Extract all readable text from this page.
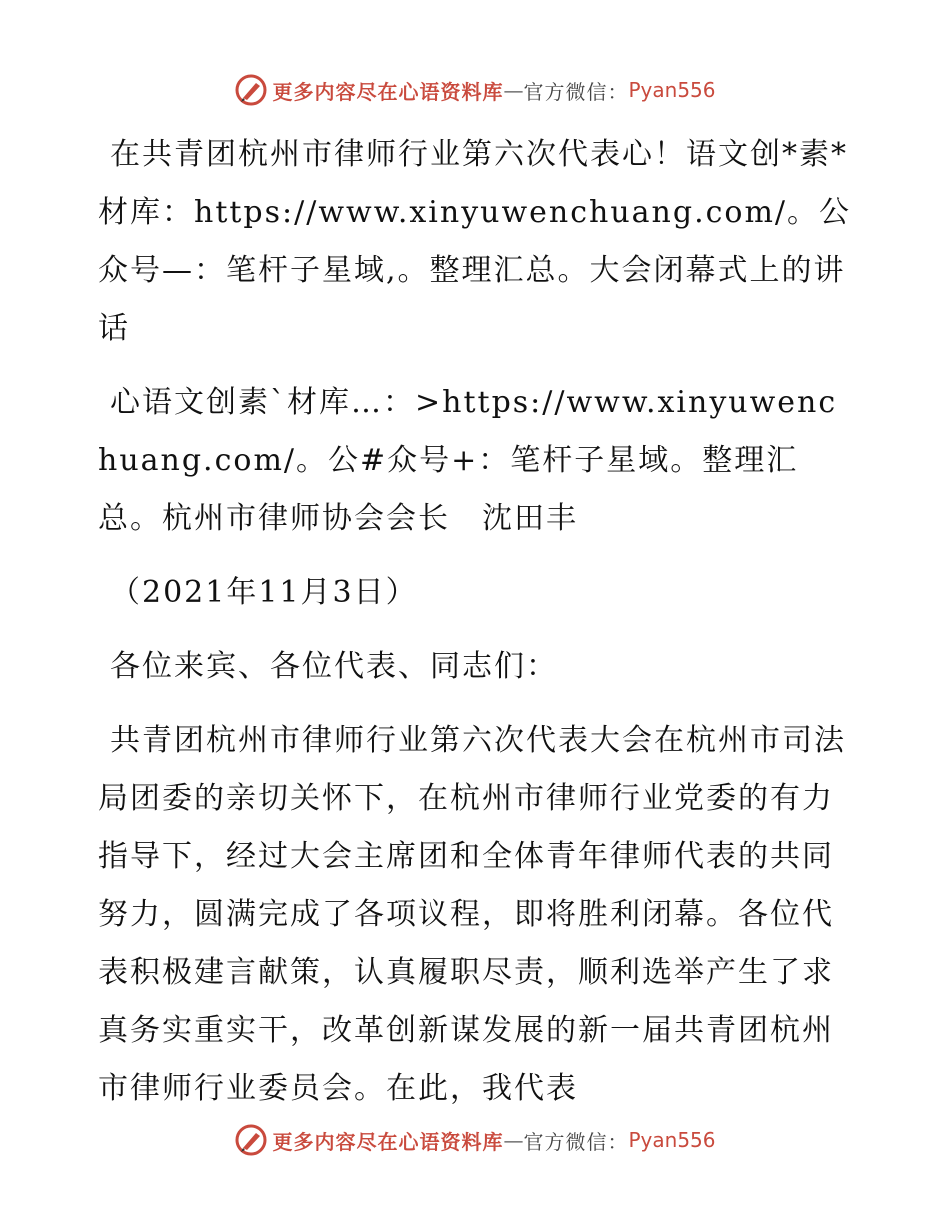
更多内容尽在心语资料库 — 官方微信： Pyan556

在共青团杭州市律师行业第六次代表心！语文创*素*材库：https://www.xinyuwenchuang.com/。公众号—：笔杆子星域,。整理汇总。大会闭幕式上的讲话

心语文创素`材库…：>https://www.xinyuwenchuang.com/。公#众号+：笔杆子星域。整理汇总。杭州市律师协会会长　沈田丰

（2021年11月3日）

各位来宾、各位代表、同志们：

共青团杭州市律师行业第六次代表大会在杭州市司法局团委的亲切关怀下，在杭州市律师行业党委的有力指导下，经过大会主席团和全体青年律师代表的共同努力，圆满完成了各项议程，即将胜利闭幕。各位代表积极建言献策，认真履职尽责，顺利选举产生了求真务实重实干，改革创新谋发展的新一届共青团杭州市律师行业委员会。在此，我代表

更多内容尽在心语资料库 — 官方微信： Pyan556
